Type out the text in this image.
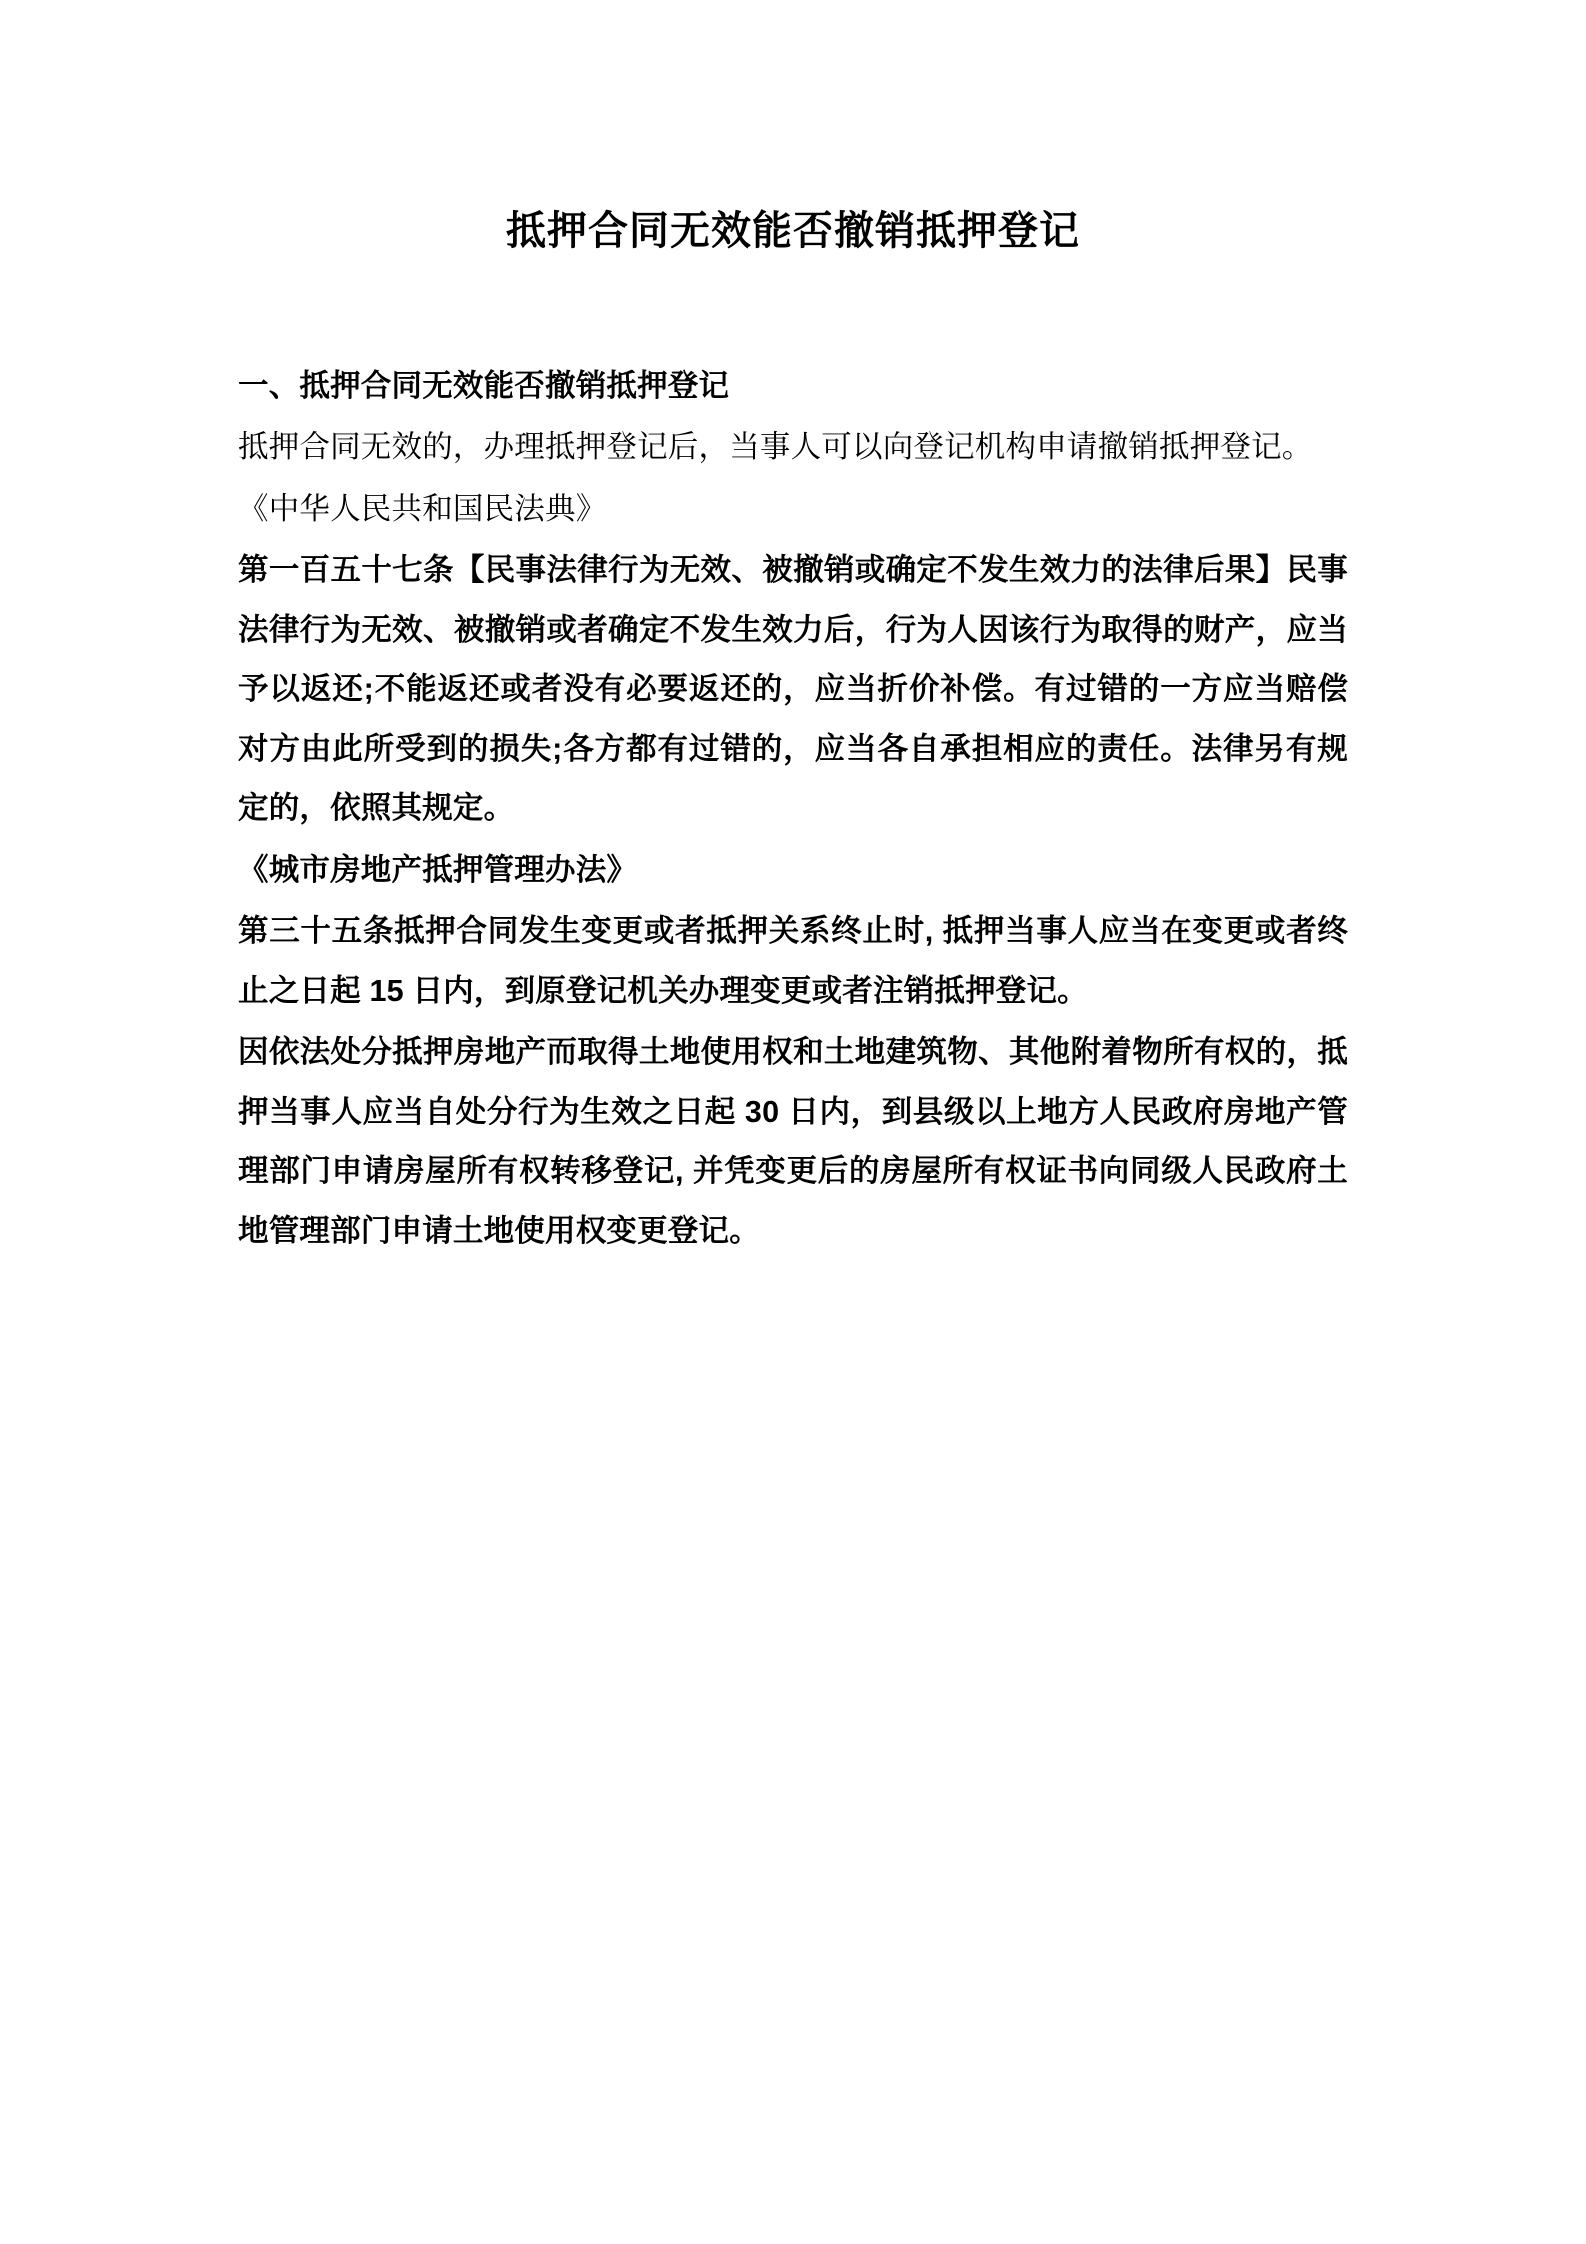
抵押合同无效能否撤销抵押登记

一、抵押合同无效能否撤销抵押登记

抵押合同无效的，办理抵押登记后，当事人可以向登记机构申请撤销抵押登记。

《中华人民共和国民法典》

第一百五十七条【民事法律行为无效、被撤销或确定不发生效力的法律后果】民事法律行为无效、被撤销或者确定不发生效力后，行为人因该行为取得的财产，应当予以返还;不能返还或者没有必要返还的，应当折价补偿。有过错的一方应当赔偿对方由此所受到的损失;各方都有过错的，应当各自承担相应的责任。法律另有规定的，依照其规定。

《城市房地产抵押管理办法》

第三十五条抵押合同发生变更或者抵押关系终止时, 抵押当事人应当在变更或者终止之日起 15 日内，到原登记机关办理变更或者注销抵押登记。

因依法处分抵押房地产而取得土地使用权和土地建筑物、其他附着物所有权的，抵押当事人应当自处分行为生效之日起 30 日内，到县级以上地方人民政府房地产管理部门申请房屋所有权转移登记, 并凭变更后的房屋所有权证书向同级人民政府土地管理部门申请土地使用权变更登记。
